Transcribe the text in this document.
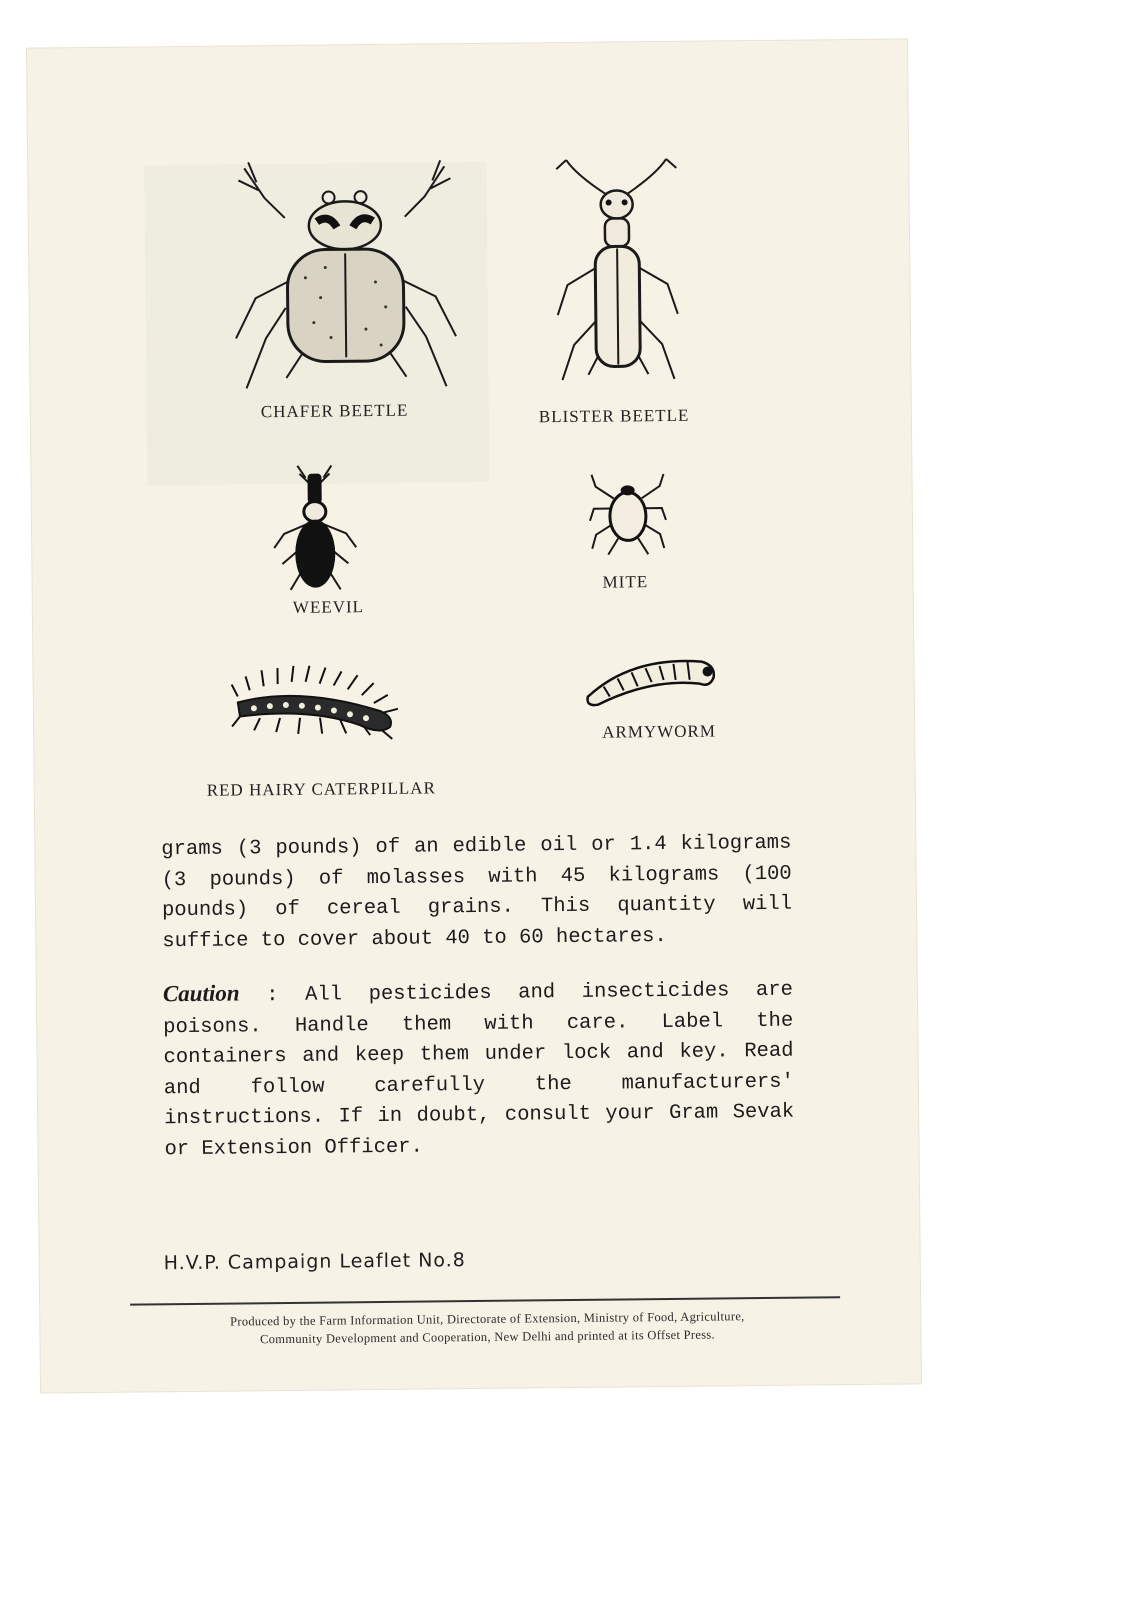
CHAFER BEETLE	BLISTER BEETLE
WEEVIL
MITE
RED HAIRY CATERPILLAR
ARMYWORM

grams (3 pounds) of an edible oil or 1.4 kilograms (3 pounds) of molasses with 45 kilograms (100 pounds) of cereal grains. This quantity will suffice to cover about 40 to 60 hectares.

Caution : All pesticides and insecticides are poisons. Handle them with care. Label the containers and keep them under lock and key. Read and follow carefully the manufacturers' instructions. If in doubt, consult your Gram Sevak or Extension Officer.

H.V.P. Campaign Leaflet No.8
Produced by the Farm Information Unit, Directorate of Extension, Ministry of Food, Agriculture,
Community Development and Cooperation, New Delhi and printed at its Offset Press.
